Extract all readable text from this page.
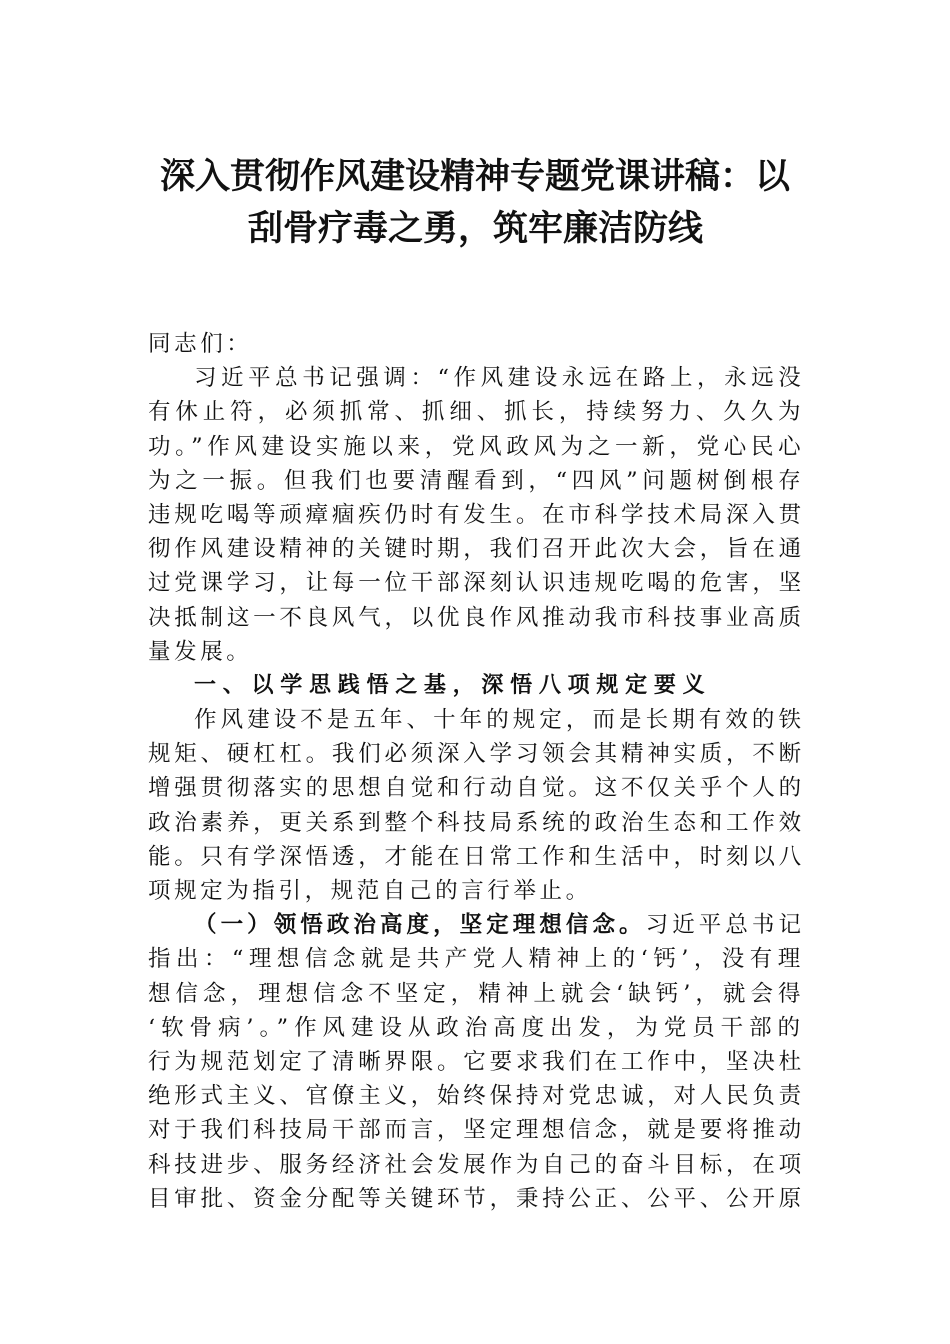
深入贯彻作风建设精神专题党课讲稿：以
刮骨疗毒之勇，筑牢廉洁防线
同志们：
习近平总书记强调：“作风建设永远在路上，永远没
有休止符，必须抓常、抓细、抓长，持续努力、久久为
功。”作风建设实施以来，党风政风为之一新，党心民心
为之一振。但我们也要清醒看到，“四风”问题树倒根存
违规吃喝等顽瘴痼疾仍时有发生。在市科学技术局深入贯
彻作风建设精神的关键时期，我们召开此次大会，旨在通
过党课学习，让每一位干部深刻认识违规吃喝的危害，坚
决抵制这一不良风气，以优良作风推动我市科技事业高质
量发展。
一、以学思践悟之基，深悟八项规定要义
作风建设不是五年、十年的规定，而是长期有效的铁
规矩、硬杠杠。我们必须深入学习领会其精神实质，不断
增强贯彻落实的思想自觉和行动自觉。这不仅关乎个人的
政治素养，更关系到整个科技局系统的政治生态和工作效
能。只有学深悟透，才能在日常工作和生活中，时刻以八
项规定为指引，规范自己的言行举止。
（一）领悟政治高度，坚定理想信念。习近平总书记
指出：“理想信念就是共产党人精神上的‘钙’，没有理
想信念，理想信念不坚定，精神上就会‘缺钙’，就会得
‘软骨病’。”作风建设从政治高度出发，为党员干部的
行为规范划定了清晰界限。它要求我们在工作中，坚决杜
绝形式主义、官僚主义，始终保持对党忠诚，对人民负责
对于我们科技局干部而言，坚定理想信念，就是要将推动
科技进步、服务经济社会发展作为自己的奋斗目标，在项
目审批、资金分配等关键环节，秉持公正、公平、公开原
